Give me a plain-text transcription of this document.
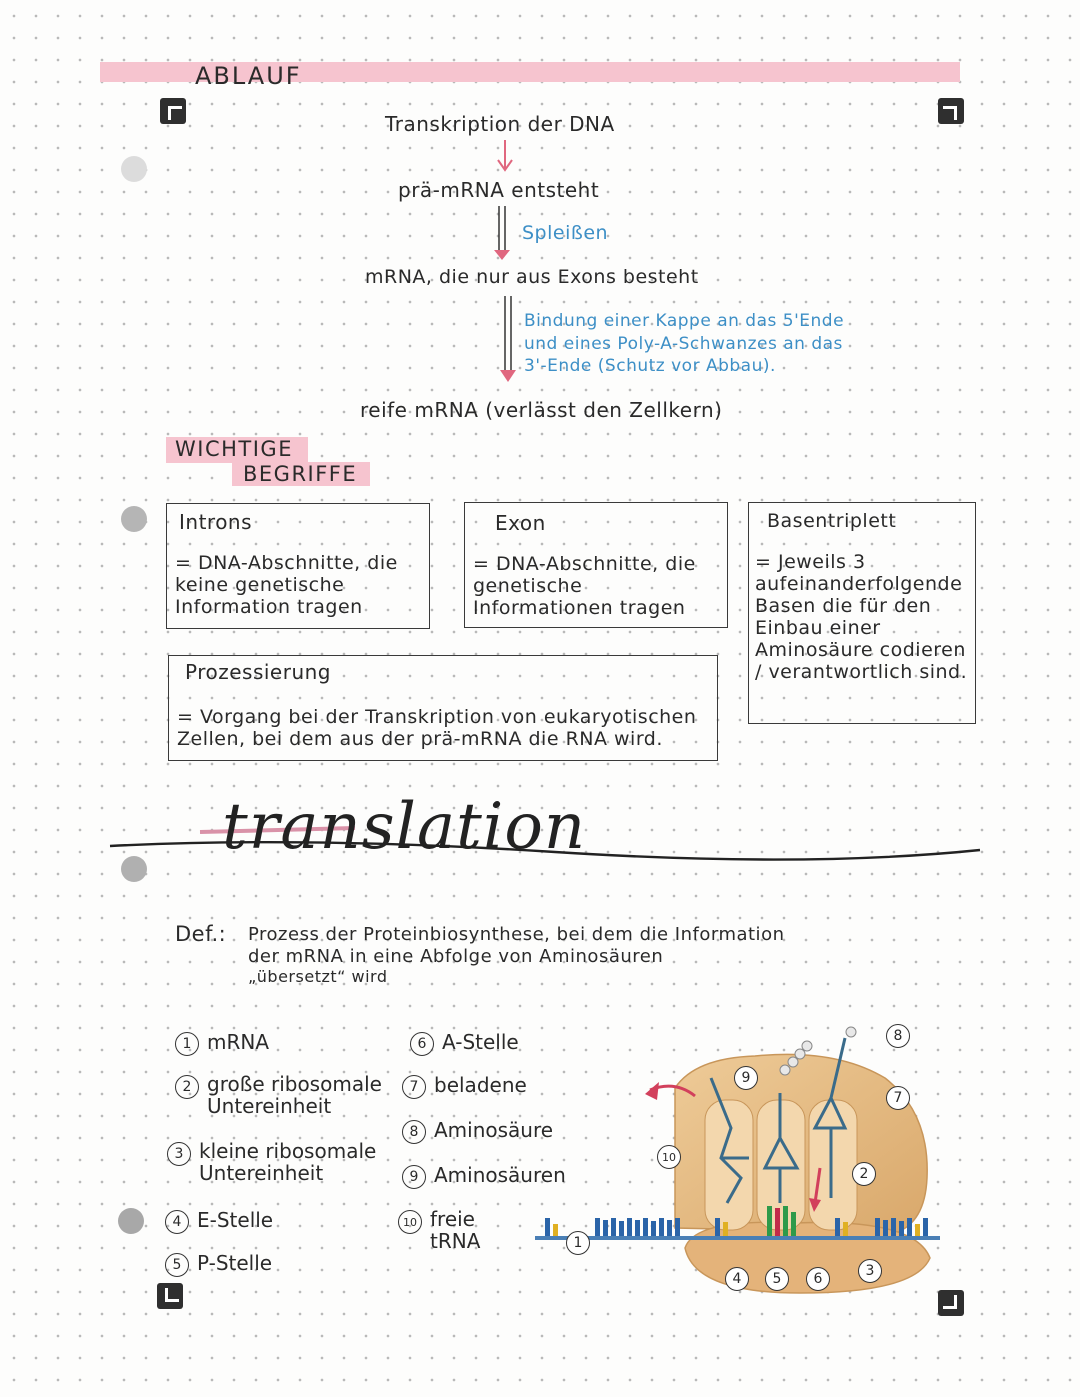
ABLAUF
Transkription der DNA
prä-mRNA entsteht
Spleißen
mRNA, die nur aus Exons besteht
Bindung einer Kappe an das 5'Ende
und eines Poly-A-Schwanzes an das
3'-Ende (Schutz vor Abbau).
reife mRNA (verlässt den Zellkern)
WICHTIGE
BEGRIFFE
Introns
= DNA-Abschnitte, die keine genetische Information tragen
Exon
= DNA-Abschnitte, die genetische Informationen tragen
Basentriplett
= Jeweils 3 aufeinanderfolgende Basen die für den Einbau einer Aminosäure codieren / verantwortlich sind.
Prozessierung
= Vorgang bei der Transkription von eukaryotischen Zellen, bei dem aus der prä-mRNA die RNA wird.
translation
Def.: Prozess der Proteinbiosynthese, bei dem die Information
der mRNA in eine Abfolge von Aminosäuren
„übersetzt“ wird
1 mRNA
2 große ribosomale Untereinheit
3 kleine ribosomale Untereinheit
4 E-Stelle
5 P-Stelle
6 A-Stelle
7 beladene
8 Aminosäure
9 Aminosäuren
10 freie tRNA
9
8
7
10
2
1
4	5	6	3
